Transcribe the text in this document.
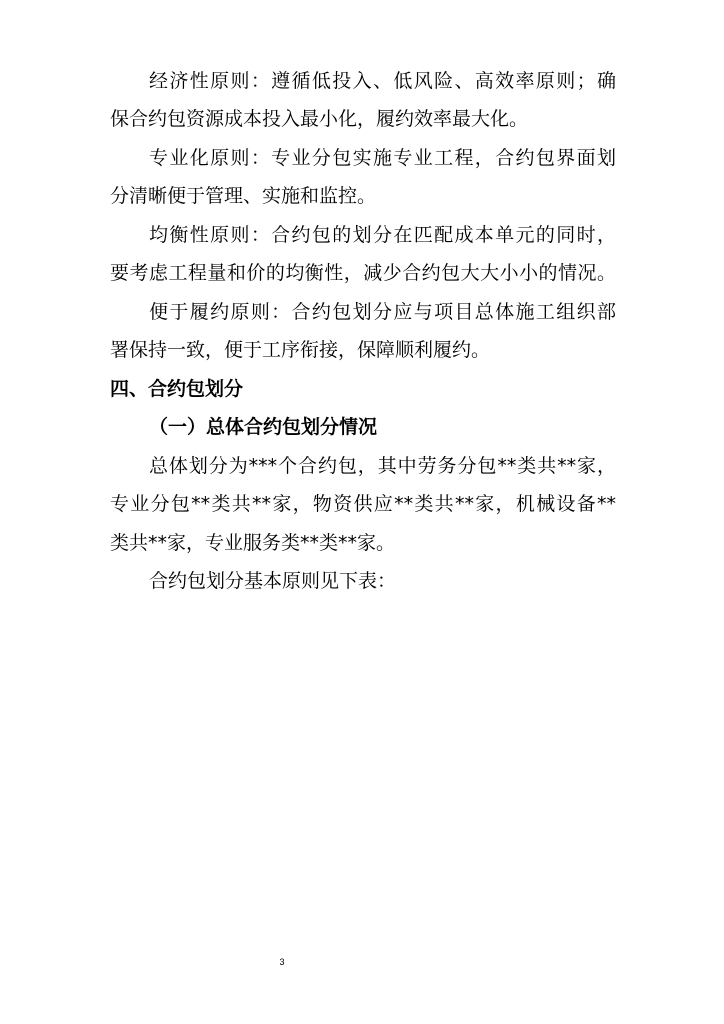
经济性原则：遵循低投入、低风险、高效率原则；确
保合约包资源成本投入最小化，履约效率最大化。
专业化原则：专业分包实施专业工程，合约包界面划
分清晰便于管理、实施和监控。
均衡性原则：合约包的划分在匹配成本单元的同时，
要考虑工程量和价的均衡性，减少合约包大大小小的情况。
便于履约原则：合约包划分应与项目总体施工组织部
署保持一致，便于工序衔接，保障顺利履约。
四、合约包划分
（一）总体合约包划分情况
总体划分为***个合约包，其中劳务分包**类共**家，
专业分包**类共**家，物资供应**类共**家，机械设备**
类共**家，专业服务类**类**家。
合约包划分基本原则见下表：
3
